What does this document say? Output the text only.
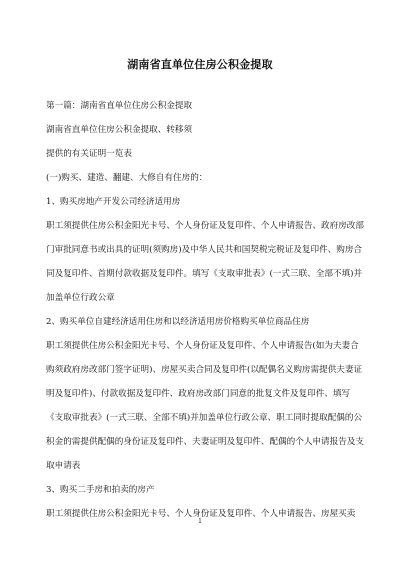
湖南省直单位住房公积金提取
第一篇：湖南省直单位住房公积金提取
湖南省直单位住房公积金提取、转移须
提供的有关证明一览表
(一)购买、建造、翻建、大修自有住房的：
1、购买房地产开发公司经济适用房
职工须提供住房公积金阳光卡号、个人身份证及复印件、个人申请报告、政府房改部门审批同意书或出具的证明(须购房)及中华人民共和国契税完税证及复印件、购房合同及复印件、首期付款收据及复印件。填写《支取审批表》(一式三联、全部不填)并加盖单位行政公章
2、购买单位自建经济适用住房和以经济适用房价格购买单位商品住房
职工须提供住房公积金阳光卡号、个人身份证及复印件、个人申请报告(如为夫妻合购须政府房改部门签字证明)、房屋买卖合同及复印件(以配偶名义购房需提供夫妻证明及复印件)、付款收据及复印件、政府房改部门同意的批复文件及复印件、填写《支取审批表》(一式三联、全部不填)并加盖单位行政公章、职工同时提取配偶的公积金的需提供配偶的身份证及复印件、夫妻证明及复印件、配偶的个人申请报告及支取申请表
3、购买二手房和拍卖的房产
职工须提供住房公积金阳光卡号、个人身份证及复印件、个人申请报告、房屋买卖
1
